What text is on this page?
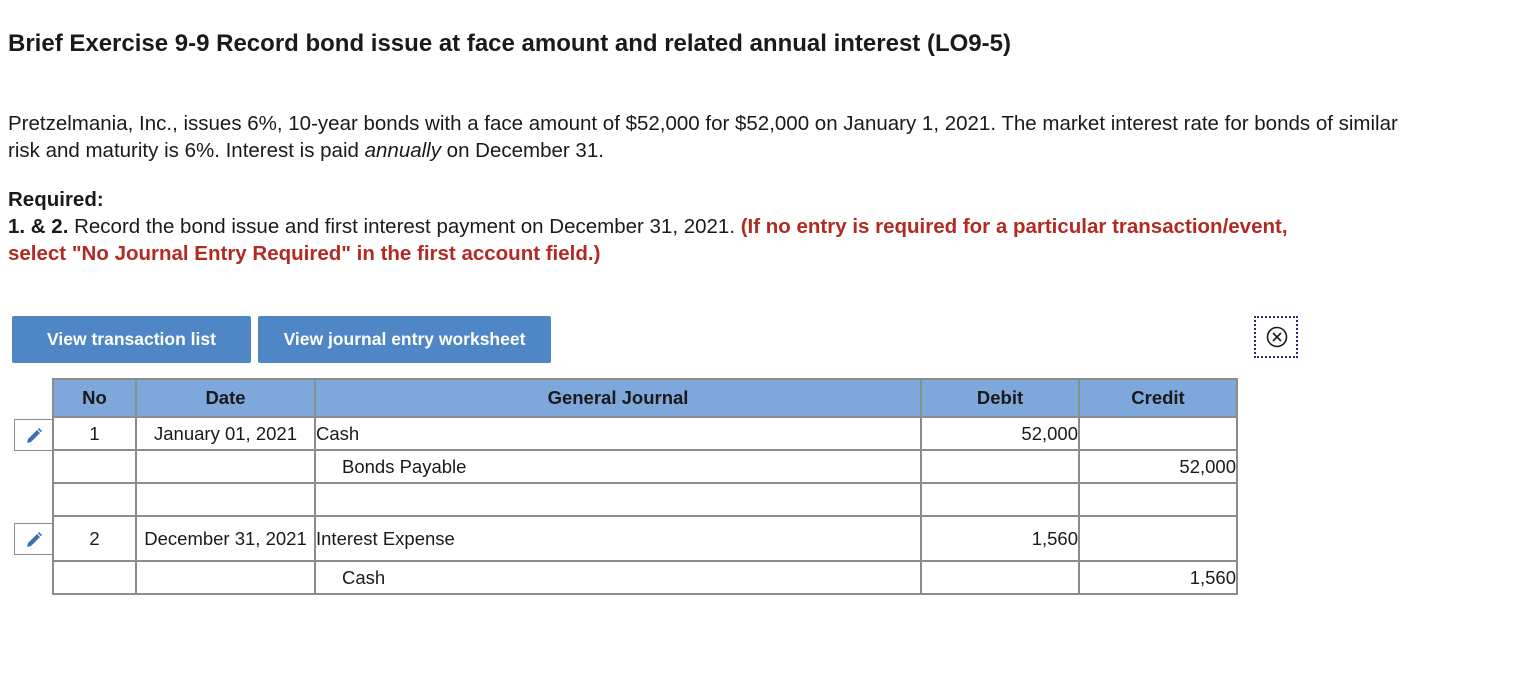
Brief Exercise 9-9 Record bond issue at face amount and related annual interest (LO9-5)
Pretzelmania, Inc., issues 6%, 10-year bonds with a face amount of $52,000 for $52,000 on January 1, 2021. The market interest rate for bonds of similar risk and maturity is 6%. Interest is paid annually on December 31.
Required:
1. & 2. Record the bond issue and first interest payment on December 31, 2021. (If no entry is required for a particular transaction/event, select "No Journal Entry Required" in the first account field.)
View transaction list	View journal entry worksheet
No	Date	General Journal	Debit	Credit
1	January 01, 2021	Cash	52,000	
		Bonds Payable		52,000

2	December 31, 2021	Interest Expense	1,560	
		Cash		1,560
